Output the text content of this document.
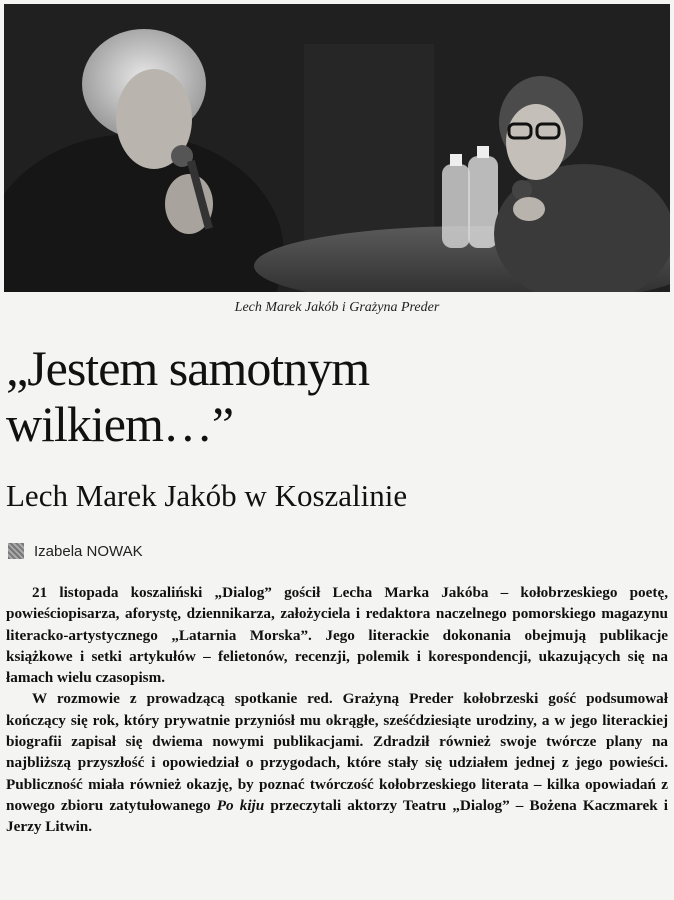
Lech Marek Jakób i Grażyna Preder
„Jestem samotnym
wilkiem…”
Lech Marek Jakób w Koszalinie
Izabela NOWAK

21 listopada koszaliński „Dialog” gościł Lecha Marka Jakóba – kołobrzeskiego poetę, powieściopisarza, aforystę, dziennikarza, założyciela i redaktora naczelnego pomorskiego magazynu literacko-artystycznego „Latarnia Morska”. Jego literackie dokonania obejmują publikacje książkowe i setki artykułów – felietonów, recenzji, polemik i korespondencji, ukazujących się na łamach wielu czasopism.

W rozmowie z prowadzącą spotkanie red. Grażyną Preder kołobrzeski gość podsumował kończący się rok, który prywatnie przyniósł mu okrągłe, sześćdziesiąte urodziny, a w jego literackiej biografii zapisał się dwiema nowymi publikacjami. Zdradził również swoje twórcze plany na najbliższą przyszłość i opowiedział o przygodach, które stały się udziałem jednej z jego powieści. Publiczność miała również okazję, by poznać twórczość kołobrzeskiego literata – kilka opowiadań z nowego zbioru zatytułowanego Po kiju przeczytali aktorzy Teatru „Dialog” – Bożena Kaczmarek i Jerzy Litwin.
